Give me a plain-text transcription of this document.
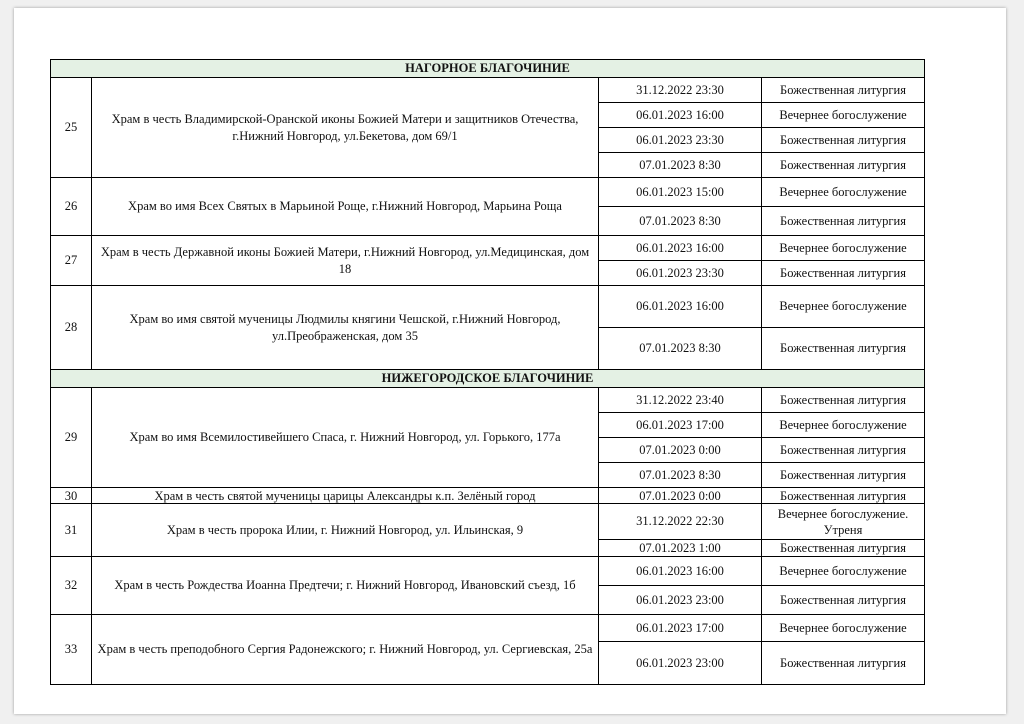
НАГОРНОЕ БЛАГОЧИНИЕ			
25	Храм в честь Владимирской-Оранской иконы Божией Матери и защитников Отечества, г.Нижний Новгород, ул.Бекетова, дом 69/1	31.12.2022 23:30	Божественная литургия
		06.01.2023 16:00	Вечернее богослужение
		06.01.2023 23:30	Божественная литургия
		07.01.2023 8:30	Божественная литургия
26	Храм во имя Всех Святых в Марьиной Роще, г.Нижний Новгород, Марьина Роща	06.01.2023 15:00	Вечернее богослужение
		07.01.2023 8:30	Божественная литургия
27	Храм в честь Державной иконы Божией Матери, г.Нижний Новгород, ул.Медицинская, дом 18	06.01.2023 16:00	Вечернее богослужение
		06.01.2023 23:30	Божественная литургия
28	Храм во имя святой мученицы Людмилы княгини Чешской, г.Нижний Новгород, ул.Преображенская, дом 35	06.01.2023 16:00	Вечернее богослужение
		07.01.2023 8:30	Божественная литургия
НИЖЕГОРОДСКОЕ БЛАГОЧИНИЕ			
29	Храм во имя Всемилостивейшего Спаса, г. Нижний Новгород, ул. Горького, 177а	31.12.2022 23:40	Божественная литургия
		06.01.2023 17:00	Вечернее богослужение
		07.01.2023 0:00	Божественная литургия
		07.01.2023 8:30	Божественная литургия
30	Храм в честь святой мученицы царицы Александры к.п. Зелёный город	07.01.2023 0:00	Божественная литургия
31	Храм в честь пророка Илии, г. Нижний Новгород, ул. Ильинская, 9	31.12.2022 22:30	Вечернее богослужение. Утреня
		07.01.2023 1:00	Божественная литургия
32	Храм в честь Рождества Иоанна Предтечи; г. Нижний Новгород, Ивановский съезд, 1б	06.01.2023 16:00	Вечернее богослужение
		06.01.2023 23:00	Божественная литургия
33	Храм в честь преподобного Сергия Радонежского; г. Нижний Новгород, ул. Сергиевская, 25а	06.01.2023 17:00	Вечернее богослужение
		06.01.2023 23:00	Божественная литургия
